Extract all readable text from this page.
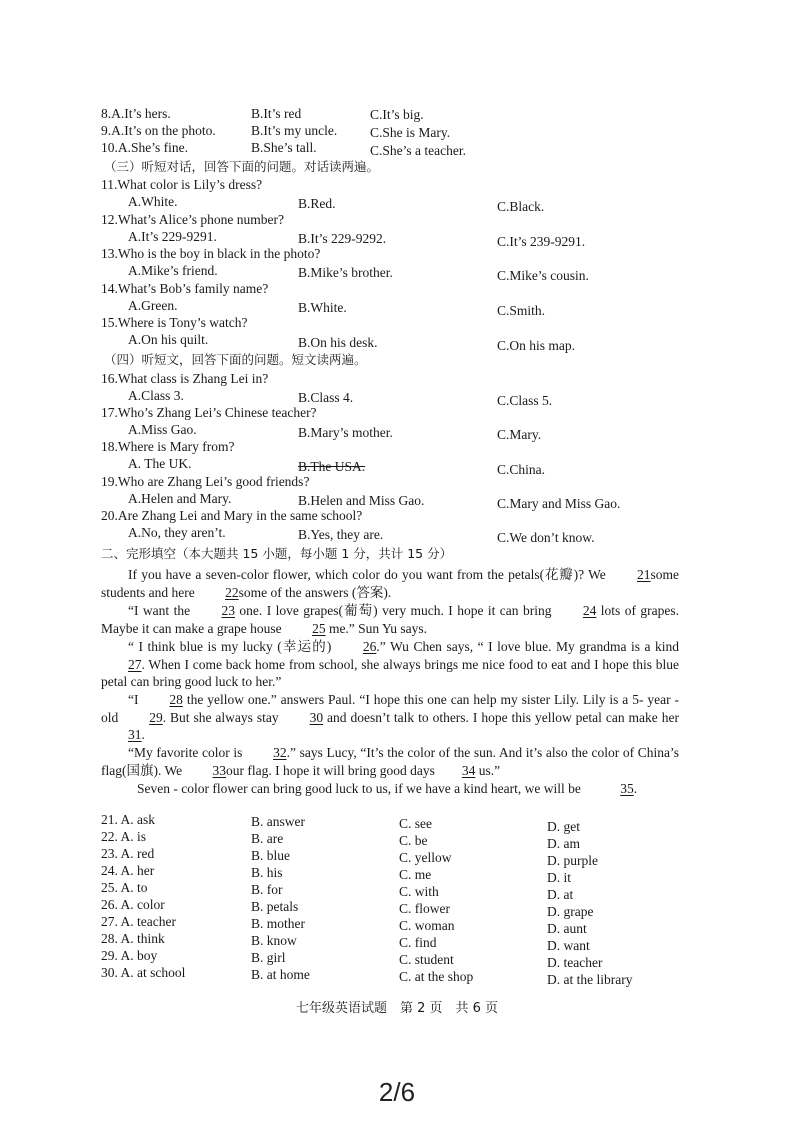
8.A.It’s hers.	B.It’s red	C.It’s big.
9.A.It’s on the photo.	B.It’s my uncle. C.She is Mary.
10.A.She’s fine.	B.She’s tall.	C.She’s a teacher.
（三）听短对话，回答下面的问题。对话读两遍。
11.What color is Lily’s dress?
A.White.	B.Red.	C.Black.
12.What’s Alice’s phone number?
A.It’s 229-9291.	B.It’s 229-9292.	C.It’s 239-9291.
13.Who is the boy in black in the photo?
A.Mike’s friend.	B.Mike’s brother.	C.Mike’s cousin.
14.What’s Bob’s family name?
A.Green.	B.White.	C.Smith.
15.Where is Tony’s watch?
A.On his quilt.	B.On his desk.	C.On his map.
（四）听短文，回答下面的问题。短文读两遍。
16.What class is Zhang Lei in?
A.Class 3.	B.Class 4.	C.Class 5.
17.Who’s Zhang Lei’s Chinese teacher?
A.Miss Gao.	B.Mary’s mother.	C.Mary.
18.Where is Mary from?
A. The UK.	B.The USA.	C.China.
19.Who are Zhang Lei’s good friends?
A.Helen and Mary.	B.Helen and Miss Gao.	C.Mary and Miss Gao.
20.Are Zhang Lei and Mary in the same school?
A.No, they aren’t.	B.Yes, they are.	C.We don’t know.
二、完形填空（本大题共 15 小题，每小题 1 分，共计 15 分）
If you have a seven-color flower, which color do you want from the petals(花瓣)? We 21some students and here 22some of the answers (答案).
“I want the 23 one. I love grapes(葡萄) very much. I hope it can bring 24 lots of grapes. Maybe it can make a grape house 25 me.” Sun Yu says.
“ I think blue is my lucky (幸运的) 26.” Wu Chen says, “ I love blue. My grandma is a kind 27. When I come back home from school, she always brings me nice food to eat and I hope this blue petal can bring good luck to her.”
“I 28 the yellow one.” answers Paul. “I hope this one can help my sister Lily. Lily is a 5- year - old 29. But she always stay 30 and doesn’t talk to others. I hope this yellow petal can make her 31.
“My favorite color is 32.” says Lucy, “It’s the color of the sun. And it’s also the color of China’s flag(国旗). We 33our flag. I hope it will bring good days 34 us.”
Seven - color flower can bring good luck to us, if we have a kind heart, we will be	35.
21. A. ask	B. answer	C. see	D. get
22. A. is	B. are	C. be	D. am
23. A. red	B. blue	C. yellow	D. purple
24. A. her	B. his	C. me	D. it
25. A. to	B. for	C. with	D. at
26. A. color	B. petals	C. flower	D. grape
27. A. teacher	B. mother	C. woman	D. aunt
28. A. think	B. know	C. find	D. want
29. A. boy	B. girl	C. student	D. teacher
30. A. at school	B. at home	C. at the shop	D. at the library
七年级英语试题　第 2 页　共 6 页
2/6
